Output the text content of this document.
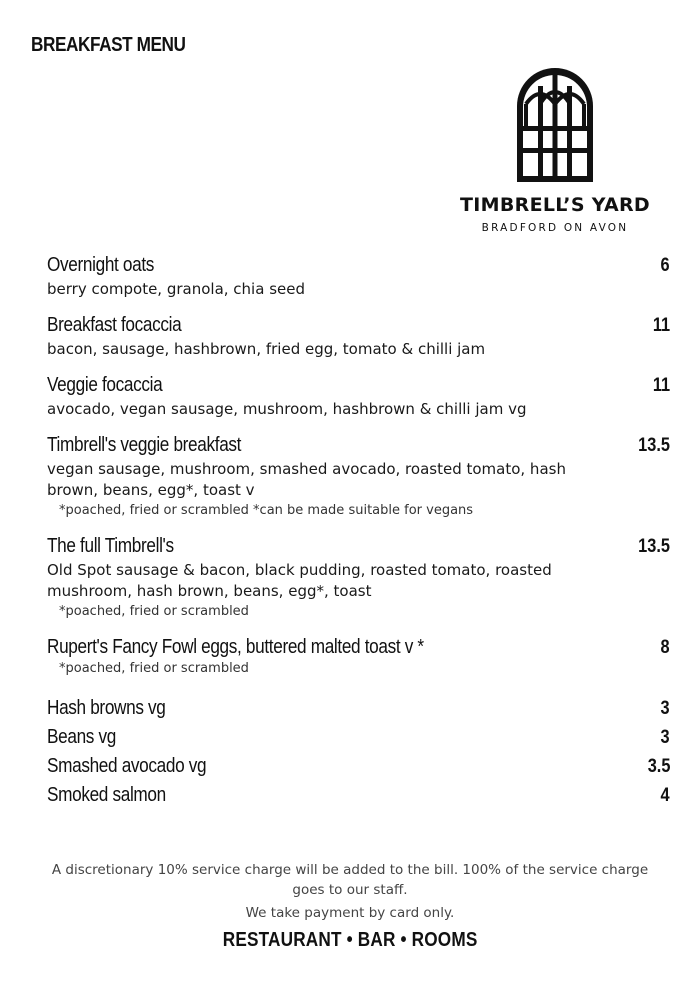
BREAKFAST MENU
TIMBRELL’S YARD
BRADFORD ON AVON
Overnight oats	6
berry compote, granola, chia seed
Breakfast focaccia	11
bacon, sausage, hashbrown, fried egg, tomato & chilli jam
Veggie focaccia	11
avocado, vegan sausage, mushroom, hashbrown & chilli jam vg
Timbrell's veggie breakfast	13.5
vegan sausage, mushroom, smashed avocado, roasted tomato, hash brown, beans, egg*, toast v
*poached, fried or scrambled *can be made suitable for vegans
The full Timbrell's	13.5
Old Spot sausage & bacon, black pudding, roasted tomato, roasted mushroom, hash brown, beans, egg*, toast
*poached, fried or scrambled
Rupert's Fancy Fowl eggs, buttered malted toast v *	8
*poached, fried or scrambled
Hash browns vg	3
Beans vg	3
Smashed avocado vg	3.5
Smoked salmon	4
A discretionary 10% service charge will be added to the bill. 100% of the service charge goes to our staff.
We take payment by card only.
RESTAURANT • BAR • ROOMS
